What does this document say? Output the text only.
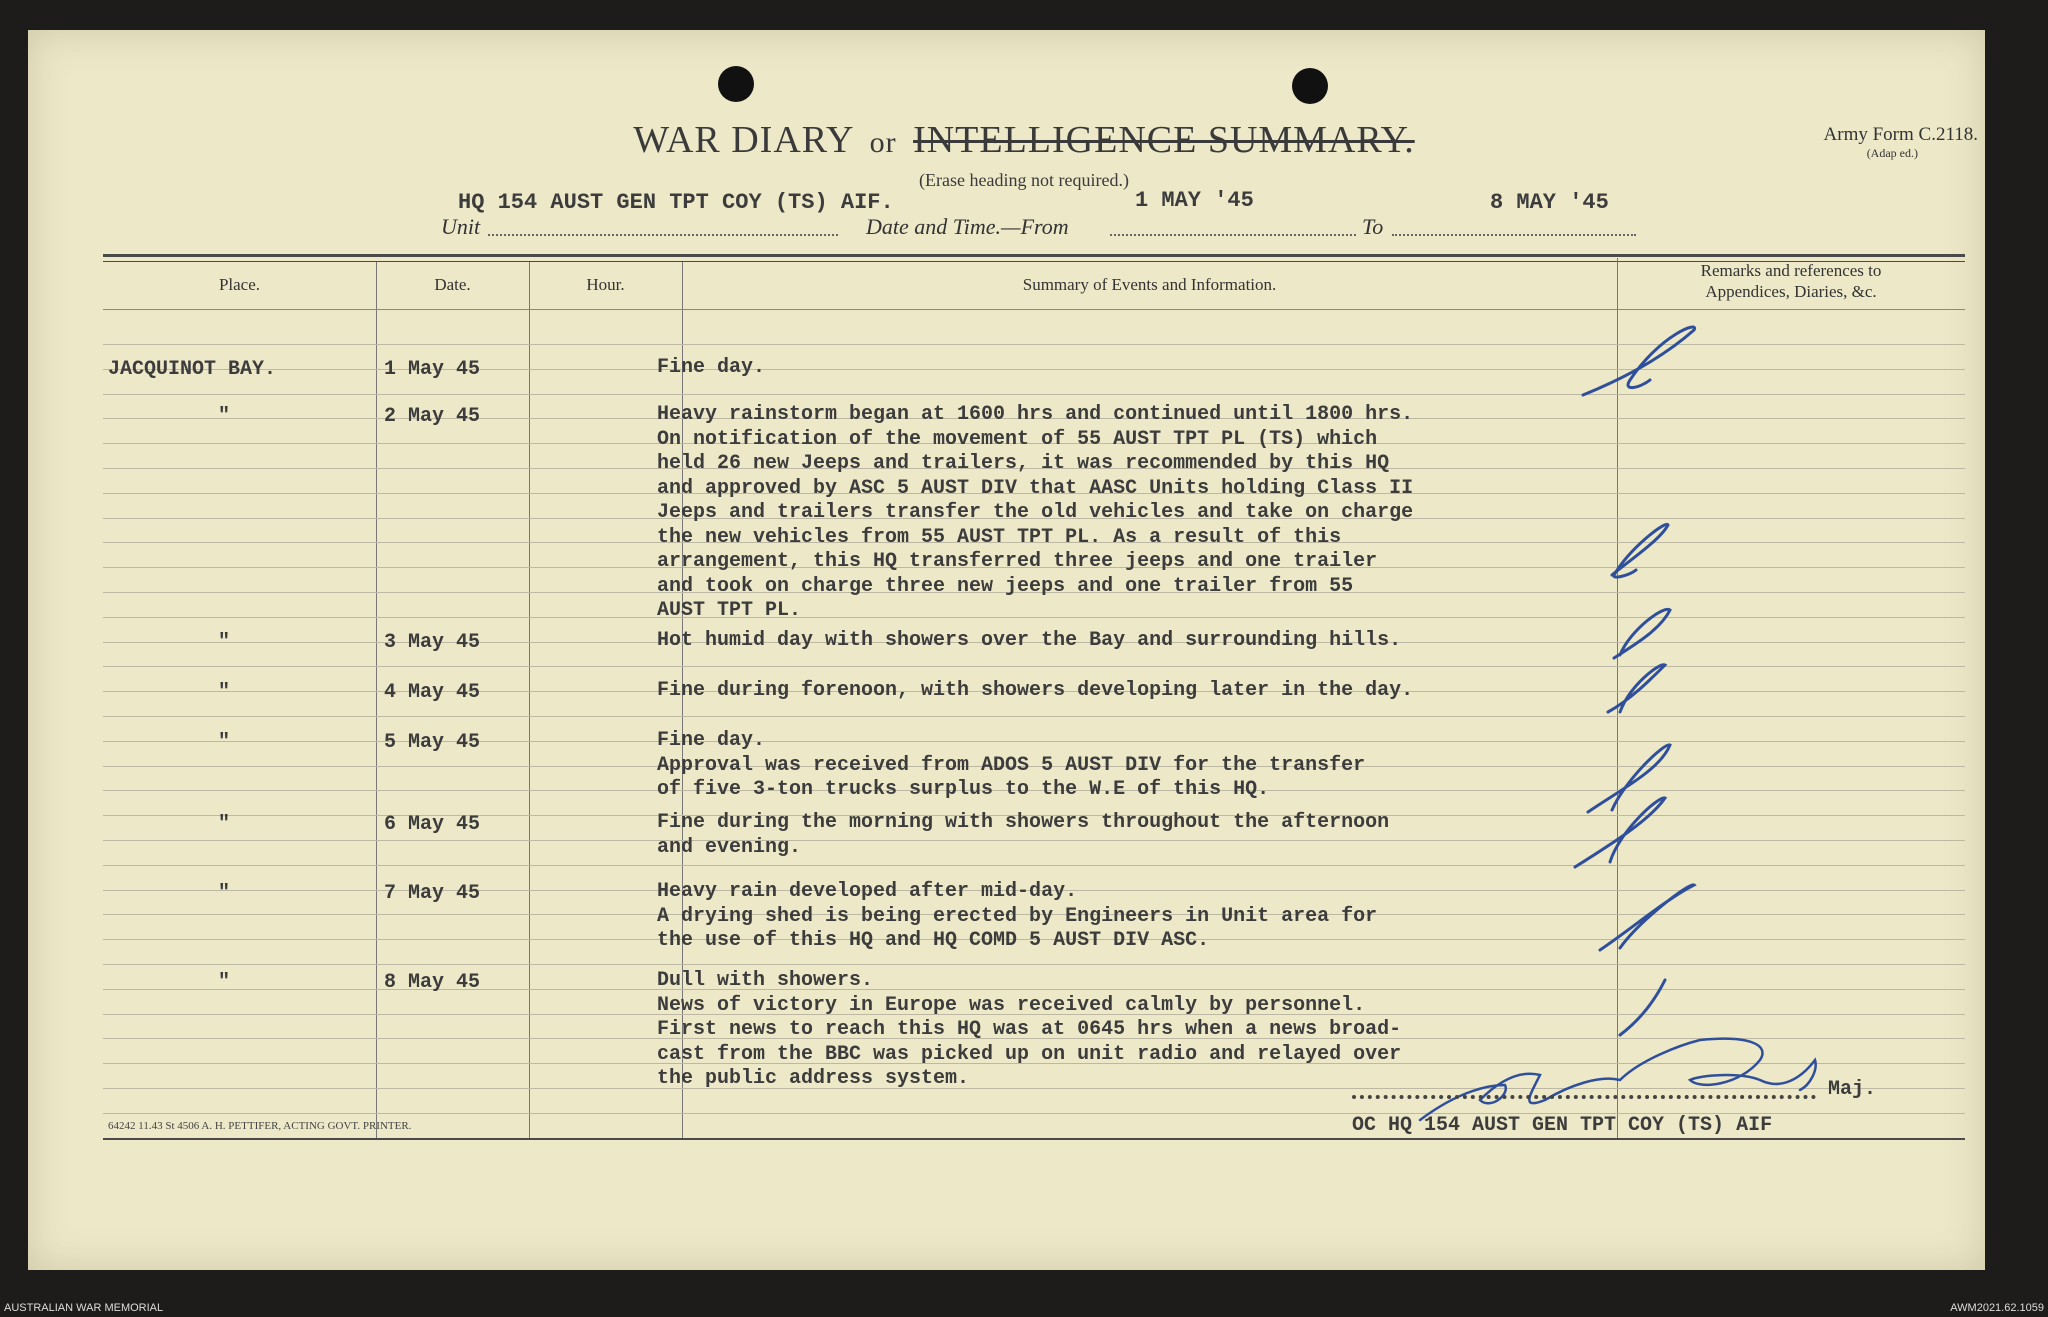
WAR DIARY or INTELLIGENCE SUMMARY.
(Erase heading not required.)
Army Form C.2118.
(Adap ed.)
HQ 154 AUST GEN TPT COY (TS) AIF.	1 MAY '45	8 MAY '45
Unit	Date and Time.—From	To
Place.	Date.	Hour.	Summary of Events and Information.
Remarks and references to
Appendices, Diaries, &c.
JACQUINOT BAY.	1 May 45	Fine day.
"	2 May 45	Heavy rainstorm began at 1600 hrs and continued until 1800 hrs.
On notification of the movement of 55 AUST TPT PL (TS) which
held 26 new Jeeps and trailers, it was recommended by this HQ
and approved by ASC 5 AUST DIV that AASC Units holding Class II
Jeeps and trailers transfer the old vehicles and take on charge
the new vehicles from 55 AUST TPT PL. As a result of this
arrangement, this HQ transferred three jeeps and one trailer
and took on charge three new jeeps and one trailer from 55
AUST TPT PL.
"	3 May 45	Hot humid day with showers over the Bay and surrounding hills.
"	4 May 45	Fine during forenoon, with showers developing later in the day.
"	5 May 45	Fine day.
Approval was received from ADOS 5 AUST DIV for the transfer
of five 3-ton trucks surplus to the W.E of this HQ.
"	6 May 45	Fine during the morning with showers throughout the afternoon
and evening.
"	7 May 45	Heavy rain developed after mid-day.
A drying shed is being erected by Engineers in Unit area for
the use of this HQ and HQ COMD 5 AUST DIV ASC.
"	8 May 45	Dull with showers.
News of victory in Europe was received calmly by personnel.
First news to reach this HQ was at 0645 hrs when a news broad-
cast from the BBC was picked up on unit radio and relayed over
the public address system.	Maj.
OC HQ 154 AUST GEN TPT COY (TS) AIF
64242 11.43 St 4506 A. H. PETTIFER, ACTING GOVT. PRINTER.
AUSTRALIAN WAR MEMORIAL	AWM2021.62.1059
